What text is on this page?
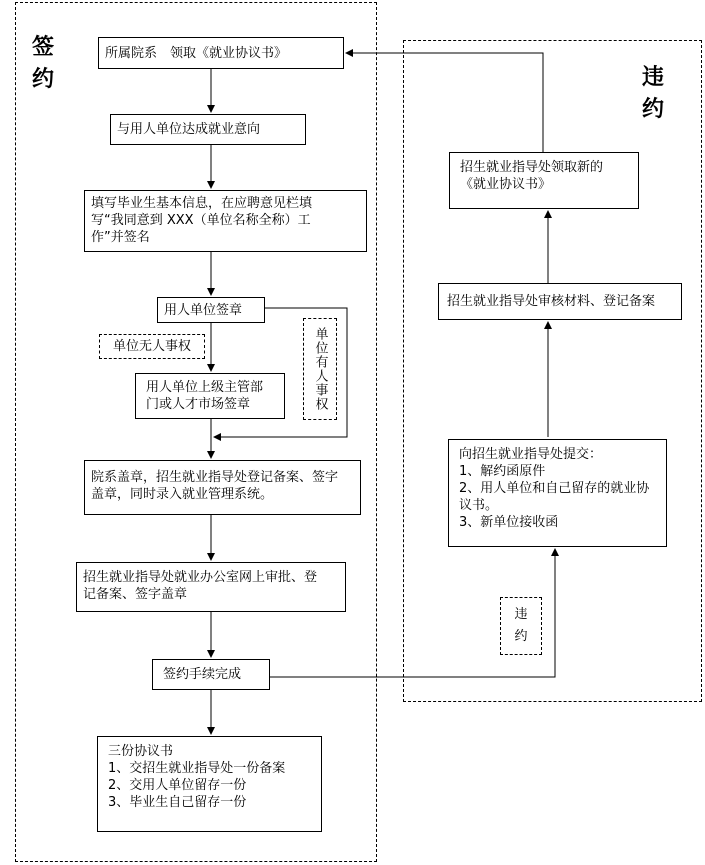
签约	违约
所属院系　领取《就业协议书》
与用人单位达成就业意向
填写毕业生基本信息，在应聘意见栏填
写“我同意到 XXX（单位名称全称）工
作”并签名
用人单位签章
单位无人事权	单位有人事权
用人单位上级主管部
门或人才市场签章
院系盖章，招生就业指导处登记备案、签字
盖章，同时录入就业管理系统。
招生就业指导处就业办公室网上审批、登
记备案、签字盖章
签约手续完成
三份协议书
1、交招生就业指导处一份备案
2、交用人单位留存一份
3、毕业生自己留存一份
违约
向招生就业指导处提交：
1、解约函原件
2、用人单位和自己留存的就业协
议书。
3、新单位接收函
招生就业指导处审核材料、登记备案
招生就业指导处领取新的
《就业协议书》
